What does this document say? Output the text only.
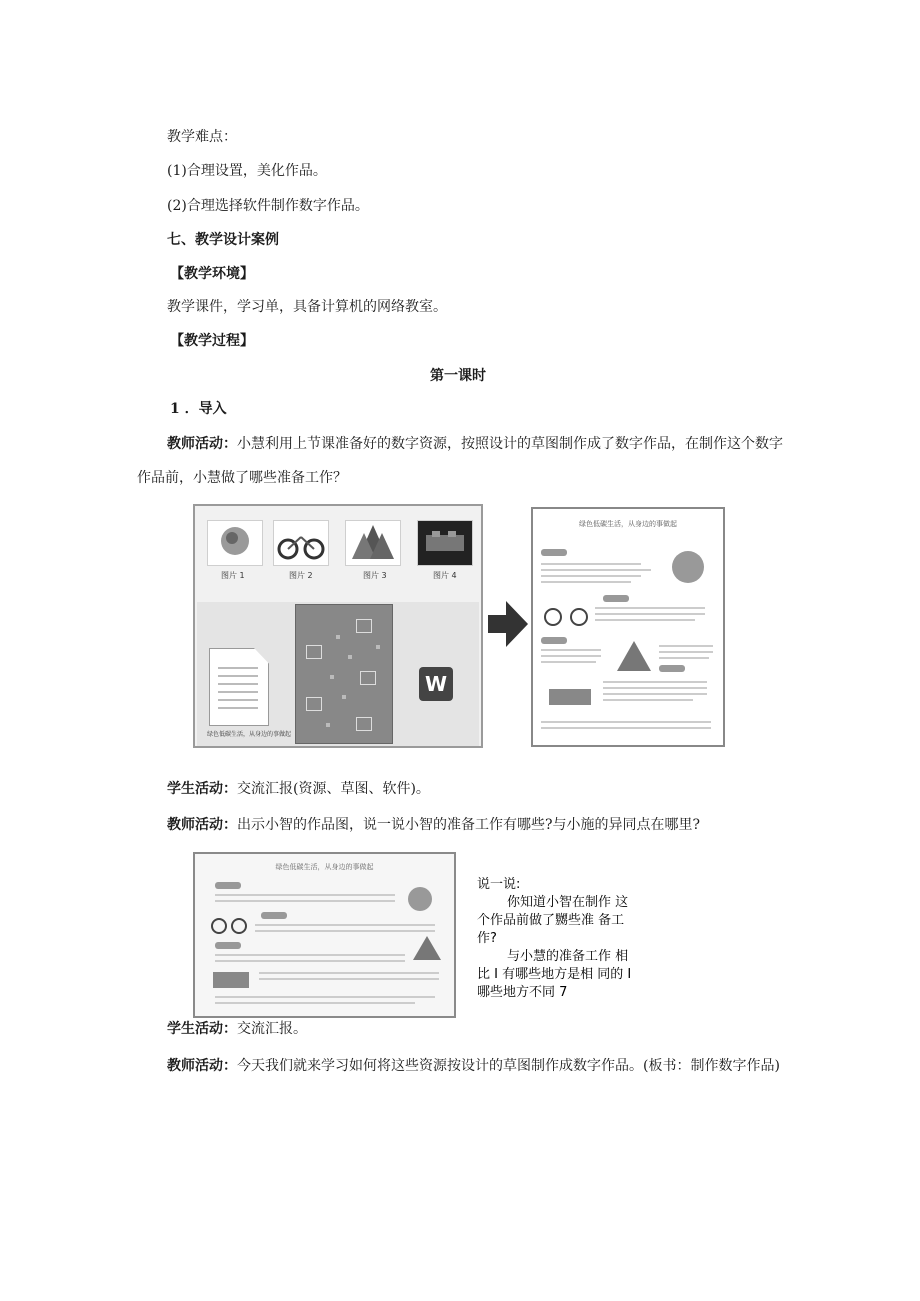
教学难点：
(1)合理设置，美化作品。
(2)合理选择软件制作数字作品。
七、教学设计案例
【教学环境】
教学课件，学习单，具备计算机的网络教室。
【教学过程】
第一课时
1 ．导入
教师活动：小慧利用上节课准备好的数字资源，按照设计的草图制作成了数字作品，在制作这个数字
作品前，小慧做了哪些准备工作？
图片 1	图片 2	图片 3	图片 4
绿色低碳生活，从身边的事做起
W
绿色低碳生活，从身边的事做起
学生活动：交流汇报(资源、草图、软件)。
教师活动：出示小智的作品图，说一说小智的准备工作有哪些?与小施的异同点在哪里?
绿色低碳生活，从身边的事做起

说一说:

你知道小智在制作 这

个作品前做了嬲些准 备工

作?

与小慧的准备工作 相

比 I 有哪些地方是相 同的 I

哪些地方不同 7

学生活动：交流汇报。
教师活动：今天我们就来学习如何将这些资源按设计的草图制作成数字作品。(板书：制作数字作品)
